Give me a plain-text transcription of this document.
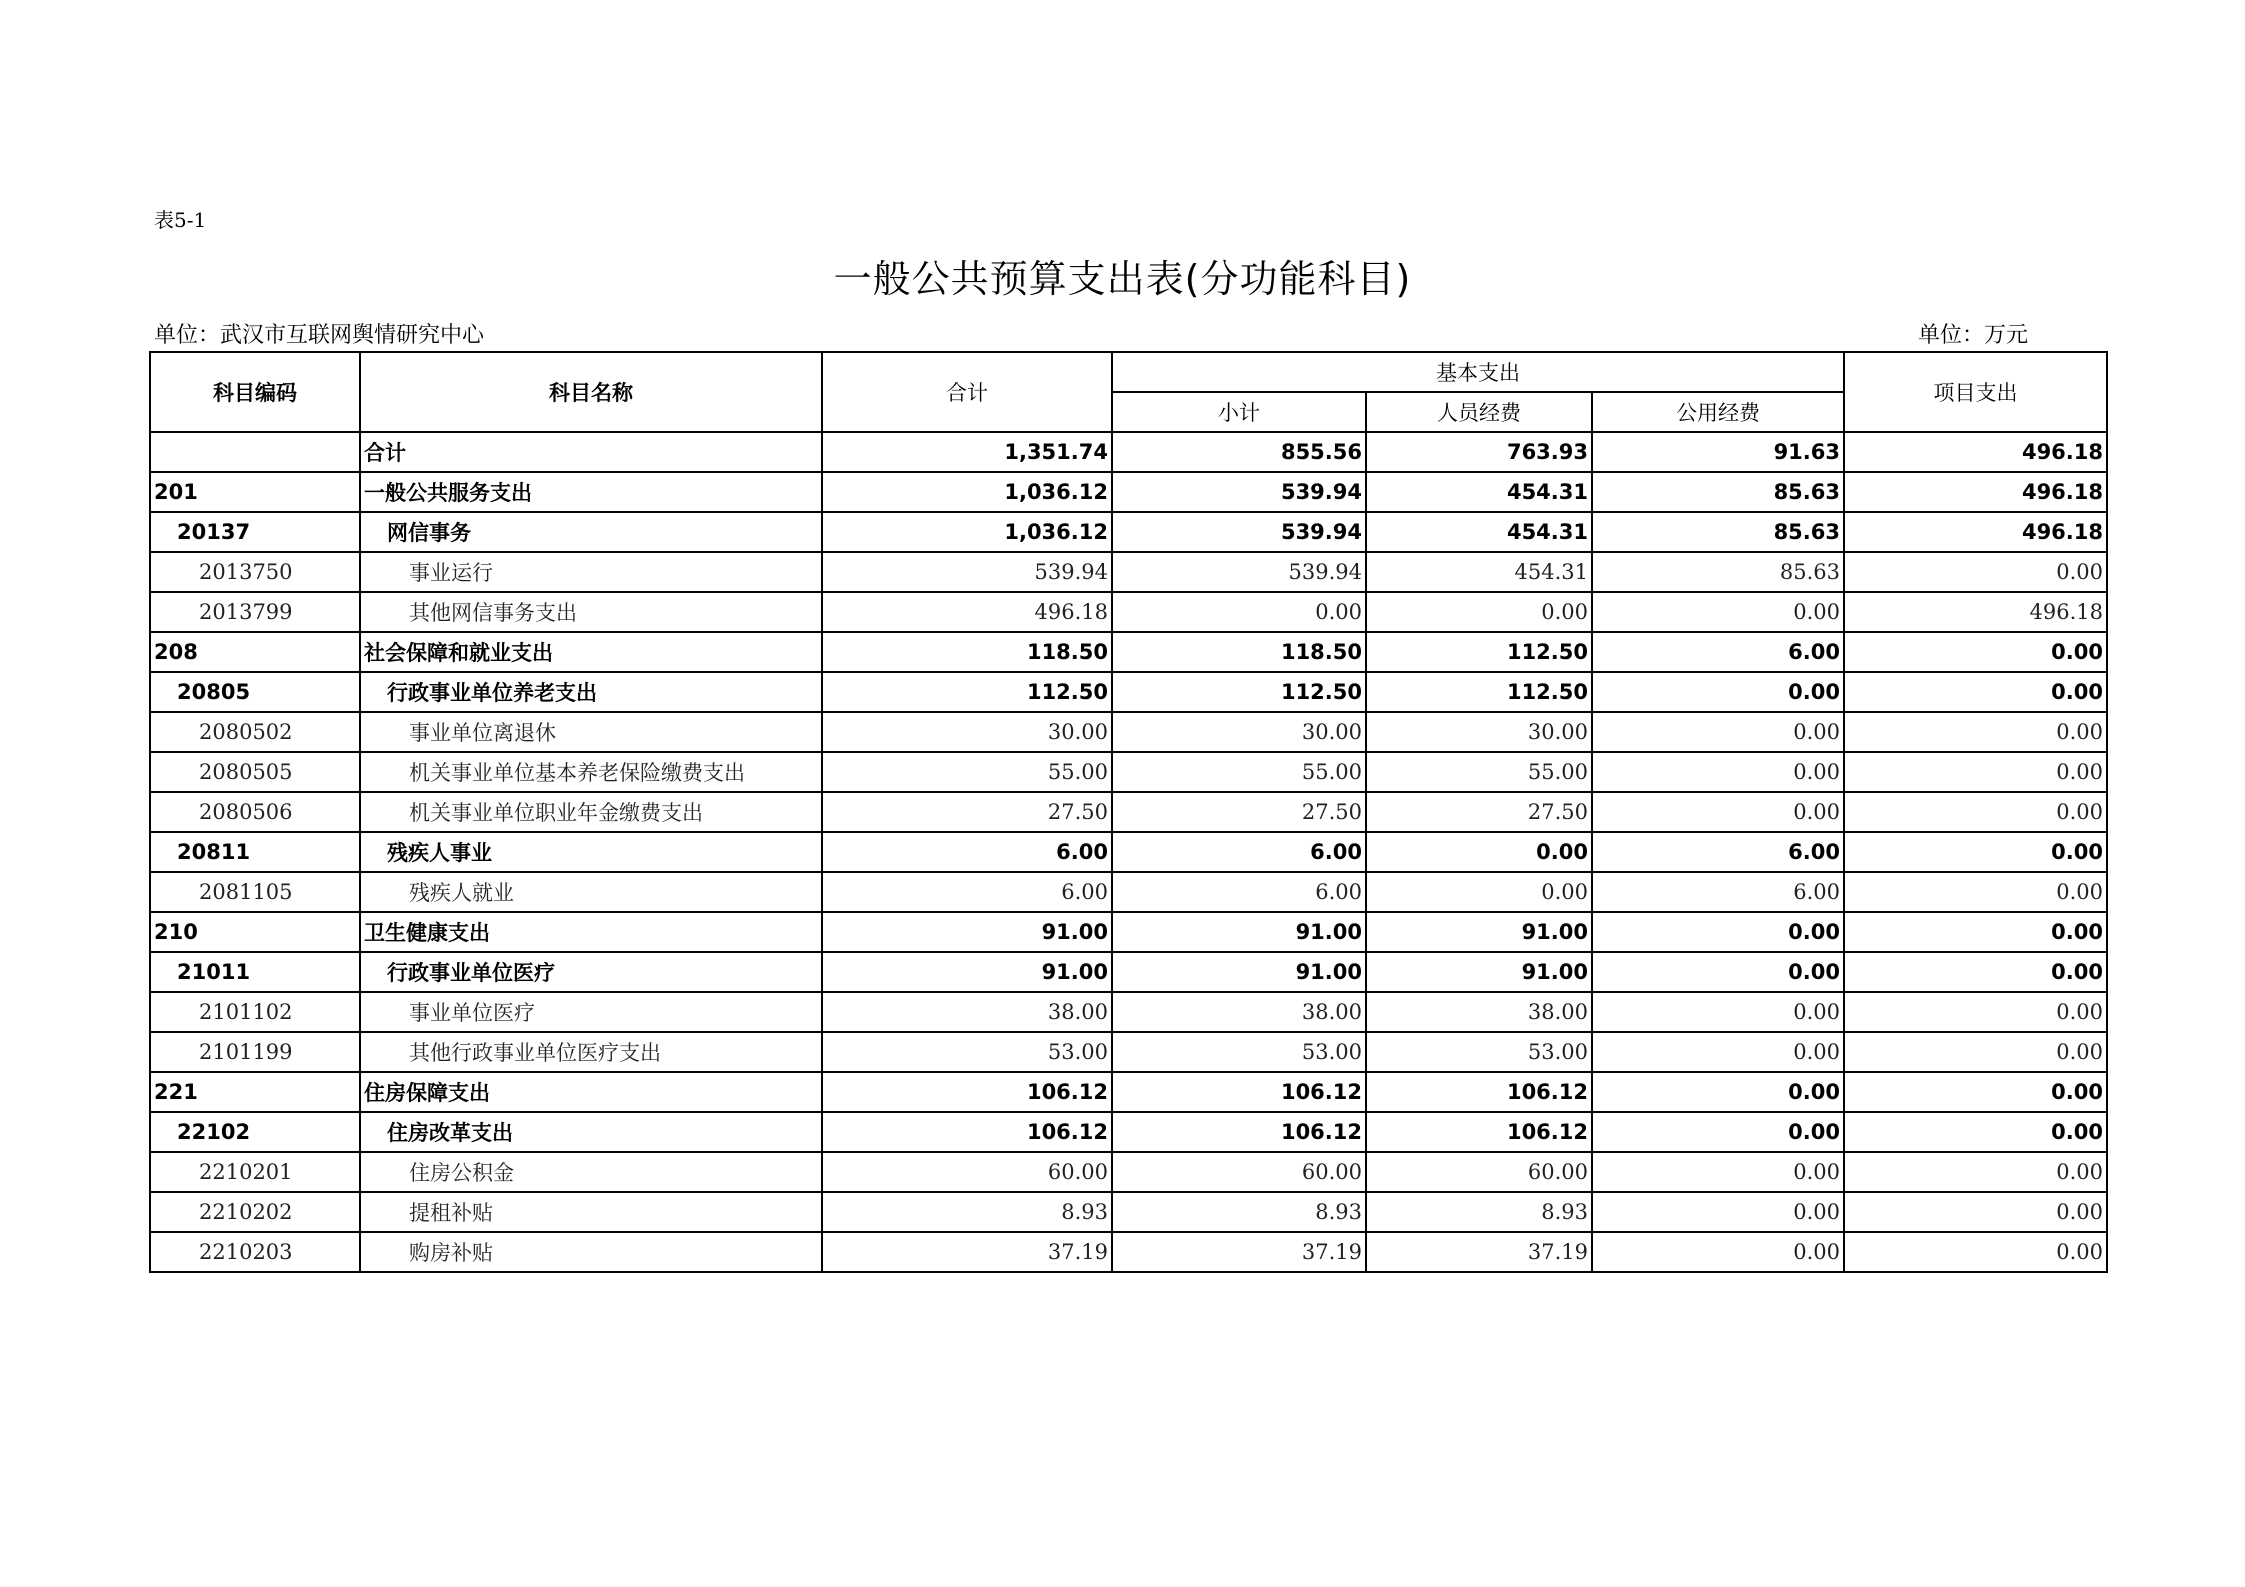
表5-1
一般公共预算支出表(分功能科目)
单位：武汉市互联网舆情研究中心	单位：万元
科目编码	科目名称	合计	基本支出			项目支出
			小计	人员经费	公用经费	
	合计	1,351.74	855.56	763.93	91.63	496.18
201	一般公共服务支出	1,036.12	539.94	454.31	85.63	496.18
20137	网信事务	1,036.12	539.94	454.31	85.63	496.18
2013750	事业运行	539.94	539.94	454.31	85.63	0.00
2013799	其他网信事务支出	496.18	0.00	0.00	0.00	496.18
208	社会保障和就业支出	118.50	118.50	112.50	6.00	0.00
20805	行政事业单位养老支出	112.50	112.50	112.50	0.00	0.00
2080502	事业单位离退休	30.00	30.00	30.00	0.00	0.00
2080505	机关事业单位基本养老保险缴费支出	55.00	55.00	55.00	0.00	0.00
2080506	机关事业单位职业年金缴费支出	27.50	27.50	27.50	0.00	0.00
20811	残疾人事业	6.00	6.00	0.00	6.00	0.00
2081105	残疾人就业	6.00	6.00	0.00	6.00	0.00
210	卫生健康支出	91.00	91.00	91.00	0.00	0.00
21011	行政事业单位医疗	91.00	91.00	91.00	0.00	0.00
2101102	事业单位医疗	38.00	38.00	38.00	0.00	0.00
2101199	其他行政事业单位医疗支出	53.00	53.00	53.00	0.00	0.00
221	住房保障支出	106.12	106.12	106.12	0.00	0.00
22102	住房改革支出	106.12	106.12	106.12	0.00	0.00
2210201	住房公积金	60.00	60.00	60.00	0.00	0.00
2210202	提租补贴	8.93	8.93	8.93	0.00	0.00
2210203	购房补贴	37.19	37.19	37.19	0.00	0.00
